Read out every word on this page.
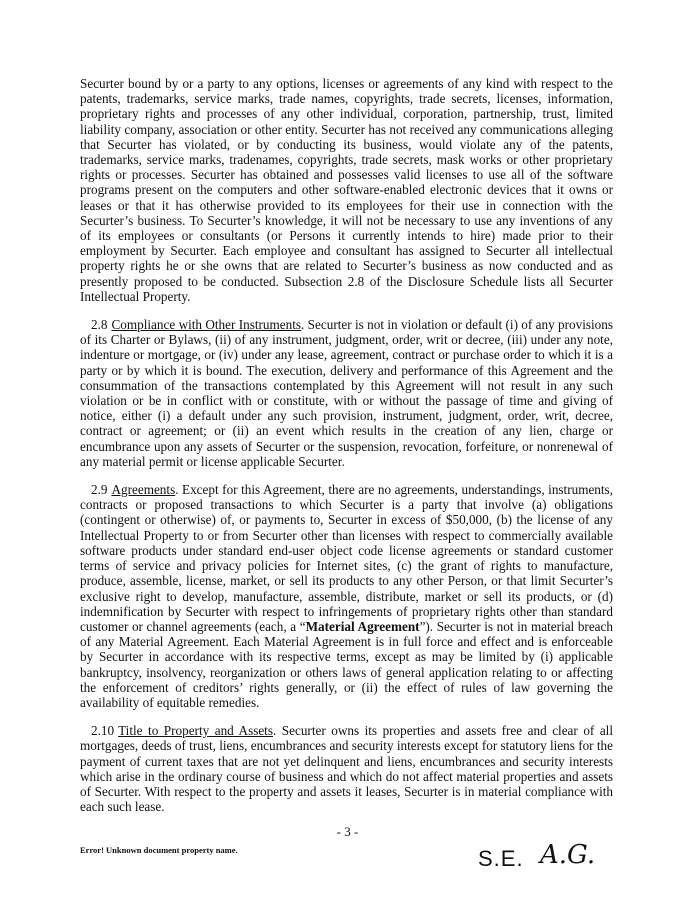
Securter bound by or a party to any options, licenses or agreements of any kind with respect to the patents, trademarks, service marks, trade names, copyrights, trade secrets, licenses, information, proprietary rights and processes of any other individual, corporation, partnership, trust, limited liability company, association or other entity. Securter has not received any communications alleging that Securter has violated, or by conducting its business, would violate any of the patents, trademarks, service marks, tradenames, copyrights, trade secrets, mask works or other proprietary rights or processes. Securter has obtained and possesses valid licenses to use all of the software programs present on the computers and other software-enabled electronic devices that it owns or leases or that it has otherwise provided to its employees for their use in connection with the Securter’s business. To Securter’s knowledge, it will not be necessary to use any inventions of any of its employees or consultants (or Persons it currently intends to hire) made prior to their employment by Securter. Each employee and consultant has assigned to Securter all intellectual property rights he or she owns that are related to Securter’s business as now conducted and as presently proposed to be conducted. Subsection 2.8 of the Disclosure Schedule lists all Securter Intellectual Property.

2.8 Compliance with Other Instruments. Securter is not in violation or default (i) of any provisions of its Charter or Bylaws, (ii) of any instrument, judgment, order, writ or decree, (iii) under any note, indenture or mortgage, or (iv) under any lease, agreement, contract or purchase order to which it is a party or by which it is bound. The execution, delivery and performance of this Agreement and the consummation of the transactions contemplated by this Agreement will not result in any such violation or be in conflict with or constitute, with or without the passage of time and giving of notice, either (i) a default under any such provision, instrument, judgment, order, writ, decree, contract or agreement; or (ii) an event which results in the creation of any lien, charge or encumbrance upon any assets of Securter or the suspension, revocation, forfeiture, or nonrenewal of any material permit or license applicable Securter.

2.9 Agreements. Except for this Agreement, there are no agreements, understandings, instruments, contracts or proposed transactions to which Securter is a party that involve (a) obligations (contingent or otherwise) of, or payments to, Securter in excess of $50,000, (b) the license of any Intellectual Property to or from Securter other than licenses with respect to commercially available software products under standard end-user object code license agreements or standard customer terms of service and privacy policies for Internet sites, (c) the grant of rights to manufacture, produce, assemble, license, market, or sell its products to any other Person, or that limit Securter’s exclusive right to develop, manufacture, assemble, distribute, market or sell its products, or (d) indemnification by Securter with respect to infringements of proprietary rights other than standard customer or channel agreements (each, a “Material Agreement”). Securter is not in material breach of any Material Agreement. Each Material Agreement is in full force and effect and is enforceable by Securter in accordance with its respective terms, except as may be limited by (i) applicable bankruptcy, insolvency, reorganization or others laws of general application relating to or affecting the enforcement of creditors’ rights generally, or (ii) the effect of rules of law governing the availability of equitable remedies.

2.10 Title to Property and Assets. Securter owns its properties and assets free and clear of all mortgages, deeds of trust, liens, encumbrances and security interests except for statutory liens for the payment of current taxes that are not yet delinquent and liens, encumbrances and security interests which arise in the ordinary course of business and which do not affect material properties and assets of Securter. With respect to the property and assets it leases, Securter is in material compliance with each such lease.

- 3 -
Error! Unknown document property name.	S.E. A.G.
